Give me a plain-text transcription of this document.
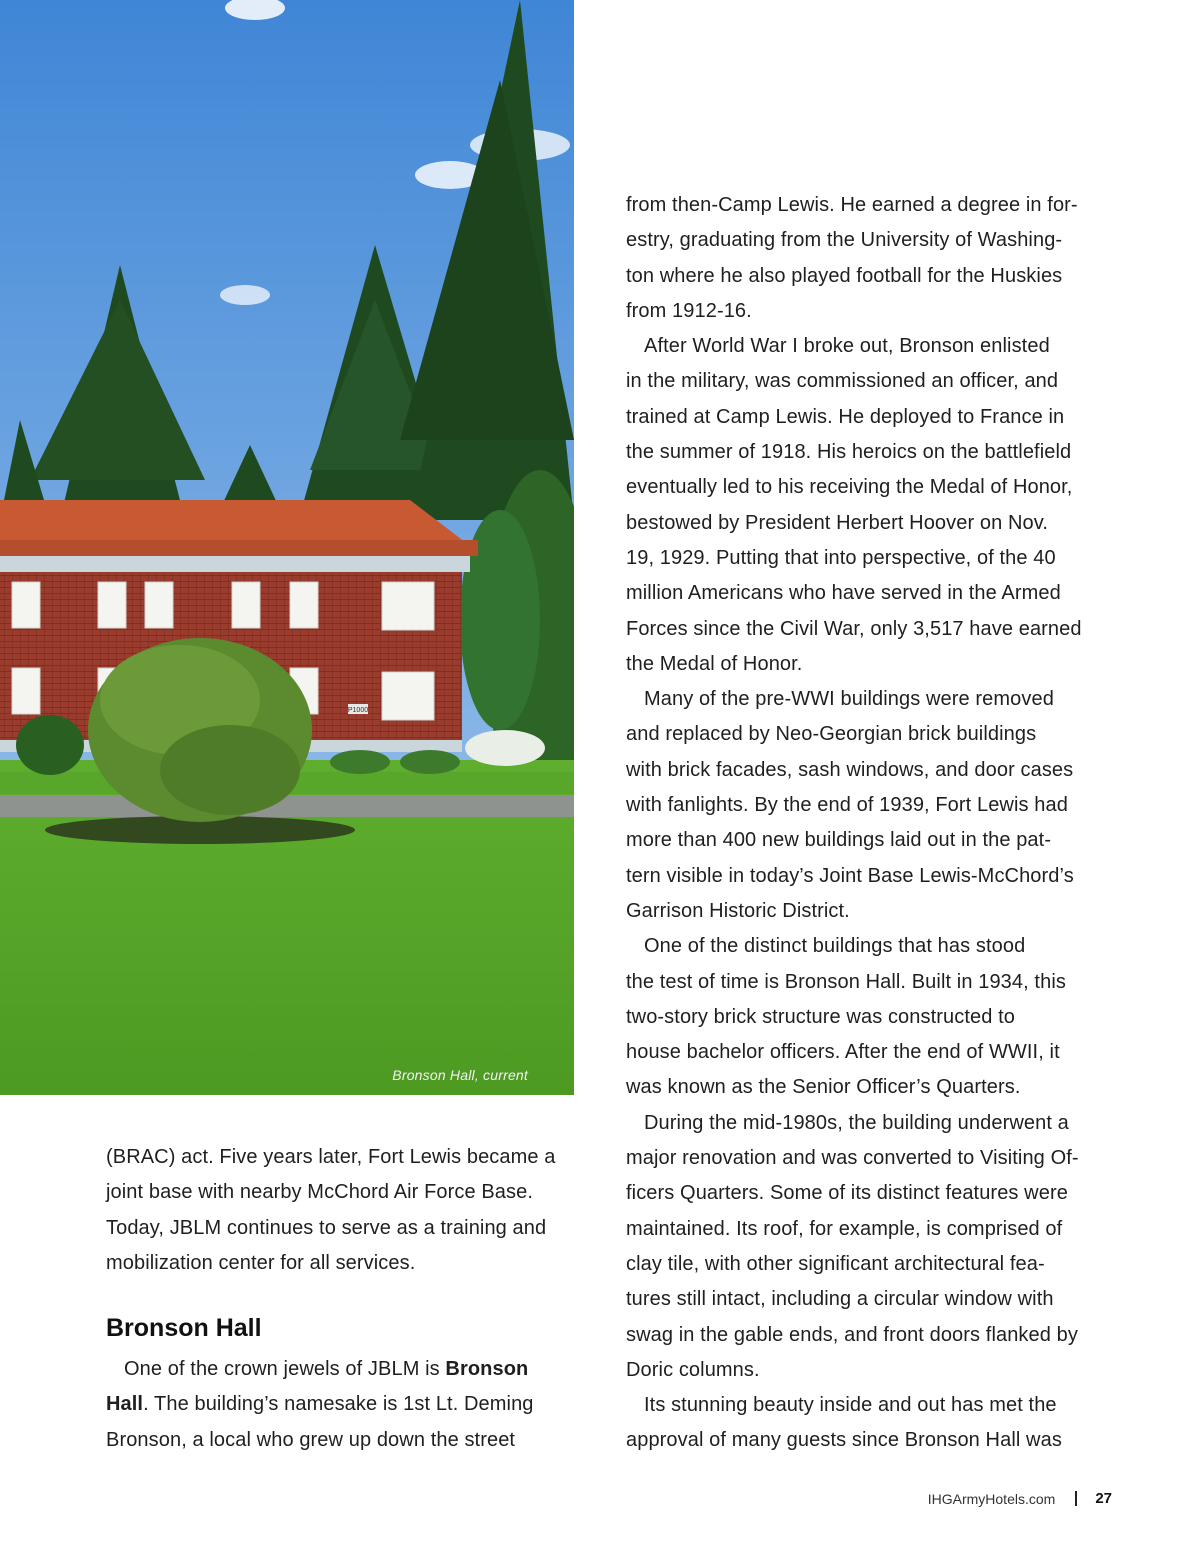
P1000
Bronson Hall, current
from then-Camp Lewis. He earned a degree in for-
estry, graduating from the University of Washing-
ton where he also played football for the Huskies
from 1912-16.
After World War I broke out, Bronson enlisted
in the military, was commissioned an officer, and
trained at Camp Lewis. He deployed to France in
the summer of 1918. His heroics on the battlefield
eventually led to his receiving the Medal of Honor,
bestowed by President Herbert Hoover on Nov.
19, 1929. Putting that into perspective, of the 40
million Americans who have served in the Armed
Forces since the Civil War, only 3,517 have earned
the Medal of Honor.
Many of the pre-WWI buildings were removed
and replaced by Neo-Georgian brick buildings
with brick facades, sash windows, and door cases
with fanlights. By the end of 1939, Fort Lewis had
more than 400 new buildings laid out in the pat-
tern visible in today’s Joint Base Lewis-McChord’s
Garrison Historic District.
One of the distinct buildings that has stood
the test of time is Bronson Hall. Built in 1934, this
two-story brick structure was constructed to
house bachelor officers. After the end of WWII, it
was known as the Senior Officer’s Quarters.
During the mid-1980s, the building underwent a
major renovation and was converted to Visiting Of-
ficers Quarters. Some of its distinct features were
maintained. Its roof, for example, is comprised of
clay tile, with other significant architectural fea-
tures still intact, including a circular window with
swag in the gable ends, and front doors flanked by
Doric columns.
Its stunning beauty inside and out has met the
approval of many guests since Bronson Hall was
(BRAC) act. Five years later, Fort Lewis became a
joint base with nearby McChord Air Force Base.
Today, JBLM continues to serve as a training and
mobilization center for all services.
Bronson Hall
One of the crown jewels of JBLM is Bronson
Hall. The building’s namesake is 1st Lt. Deming
Bronson, a local who grew up down the street
IHGArmyHotels.com	27
